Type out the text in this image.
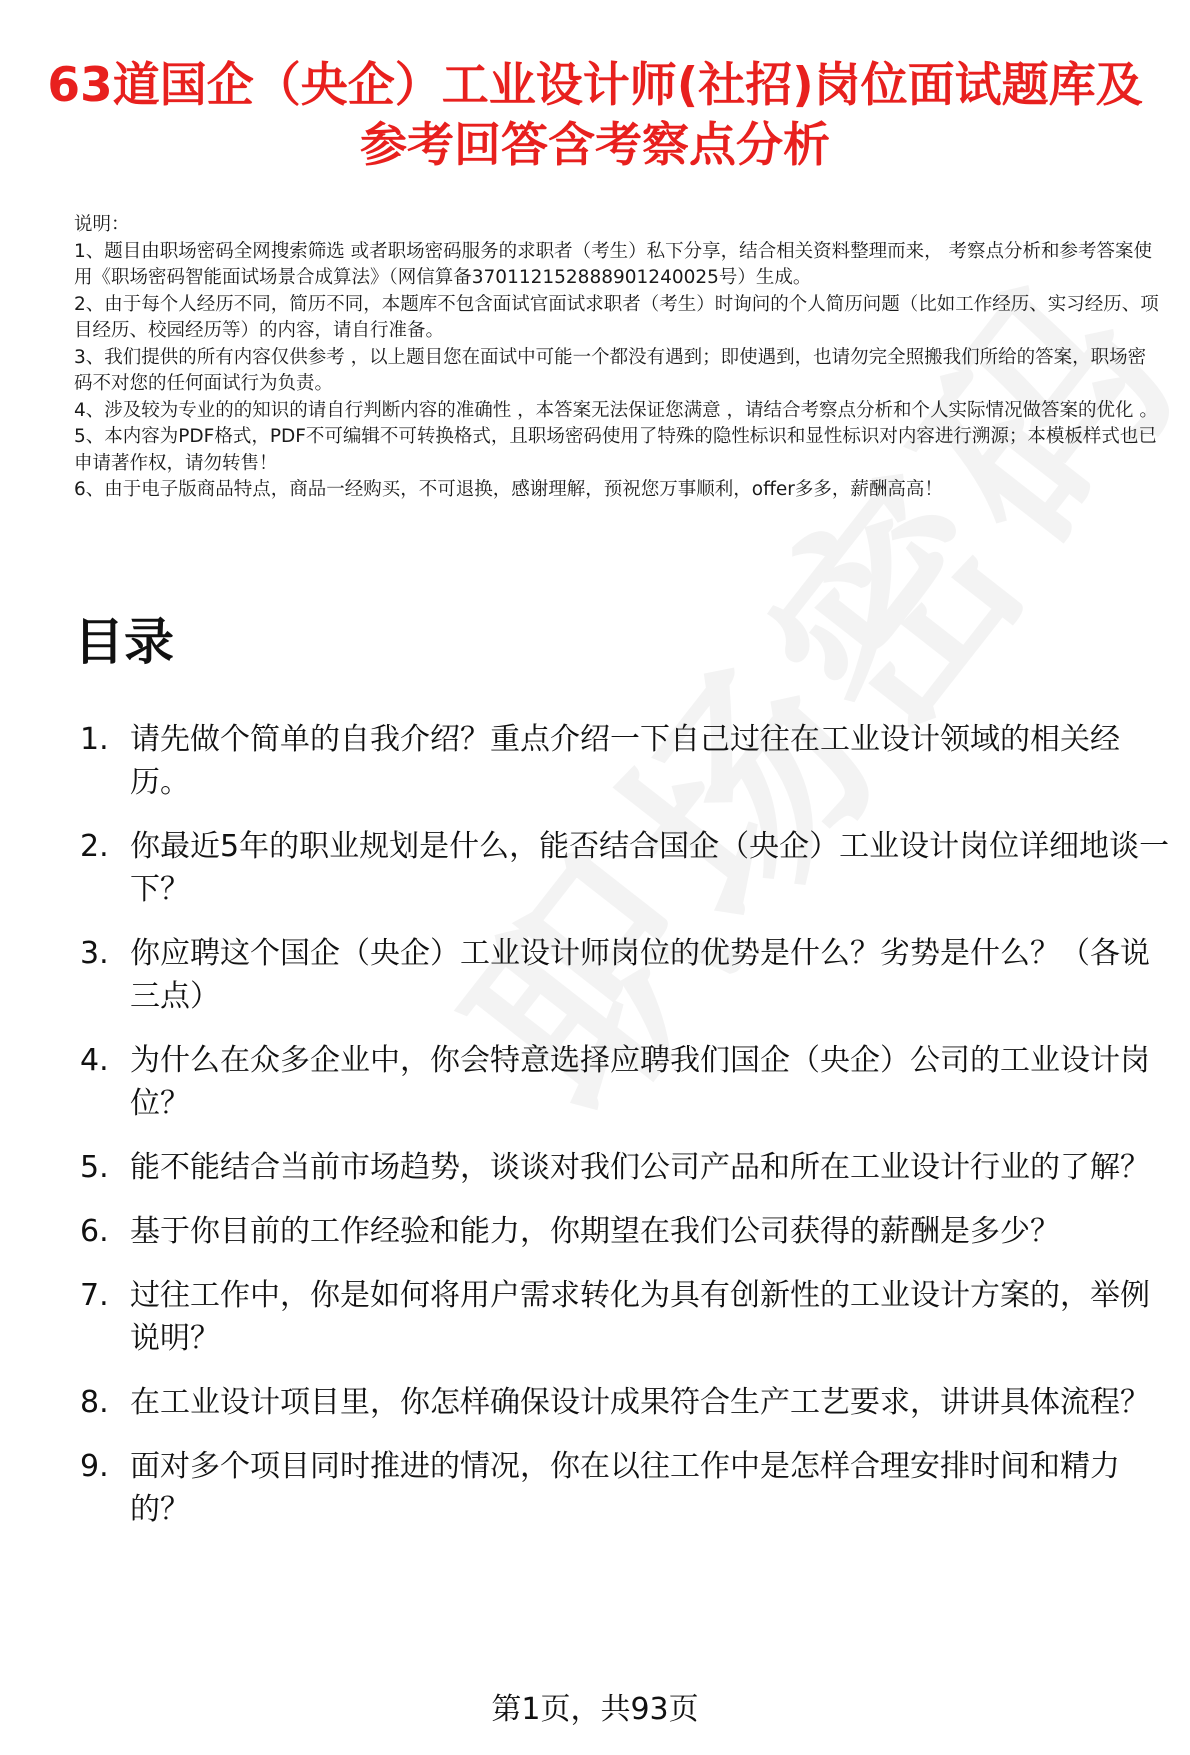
63道国企（央企）工业设计师(社招)岗位面试题库及参考回答含考察点分析
说明：
1、题目由职场密码全网搜索筛选 或者职场密码服务的求职者（考生）私下分享，结合相关资料整理而来， 考察点分析和参考答案使用《职场密码智能面试场景合成算法》（网信算备370112152888901240025号）生成。
2、由于每个人经历不同，简历不同，本题库不包含面试官面试求职者（考生）时询问的个人简历问题（比如工作经历、实习经历、项目经历、校园经历等）的内容，请自行准备。
3、我们提供的所有内容仅供参考 ，以上题目您在面试中可能一个都没有遇到；即使遇到，也请勿完全照搬我们所给的答案，职场密码不对您的任何面试行为负责。
4、涉及较为专业的的知识的请自行判断内容的准确性 ，本答案无法保证您满意 ，请结合考察点分析和个人实际情况做答案的优化 。
5、本内容为PDF格式，PDF不可编辑不可转换格式，且职场密码使用了特殊的隐性标识和显性标识对内容进行溯源；本模板样式也已申请著作权，请勿转售！
6、由于电子版商品特点，商品一经购买，不可退换，感谢理解，预祝您万事顺利，offer多多，薪酬高高！
目录
1. 请先做个简单的自我介绍？重点介绍一下自己过往在工业设计领域的相关经历。
2. 你最近5年的职业规划是什么，能否结合国企（央企）工业设计岗位详细地谈一下？
3. 你应聘这个国企（央企）工业设计师岗位的优势是什么？劣势是什么？（各说三点）
4. 为什么在众多企业中，你会特意选择应聘我们国企（央企）公司的工业设计岗位？
5. 能不能结合当前市场趋势，谈谈对我们公司产品和所在工业设计行业的了解？
6. 基于你目前的工作经验和能力，你期望在我们公司获得的薪酬是多少？
7. 过往工作中，你是如何将用户需求转化为具有创新性的工业设计方案的，举例说明？
8. 在工业设计项目里，你怎样确保设计成果符合生产工艺要求，讲讲具体流程？
9. 面对多个项目同时推进的情况，你在以往工作中是怎样合理安排时间和精力的？
第1页，共93页
